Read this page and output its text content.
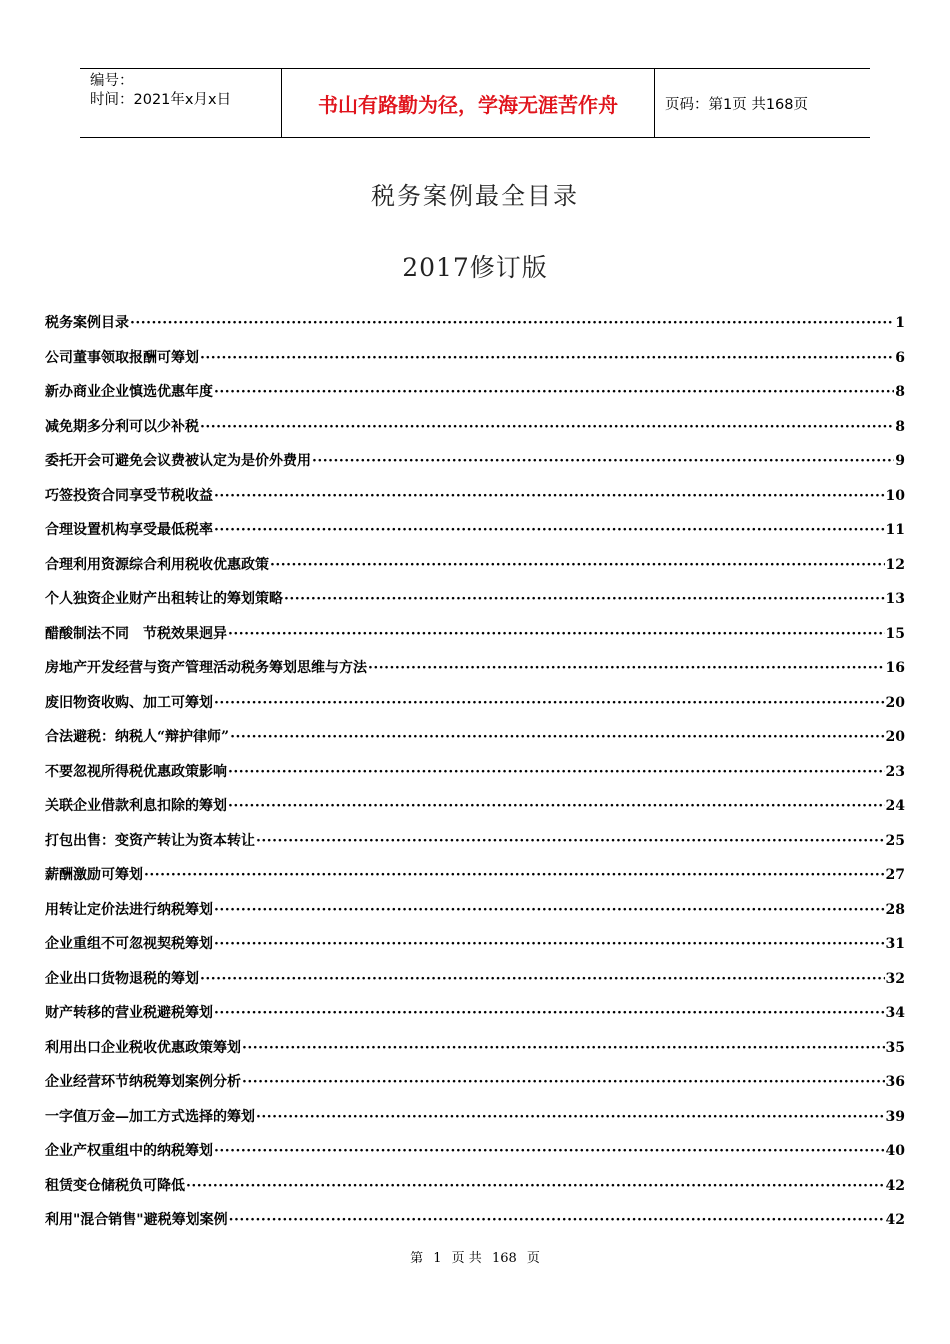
编号：
时间：2021年x月x日	书山有路勤为径，学海无涯苦作舟	页码：第1页 共168页
税务案例最全目录
2017修订版
税务案例目录 ·····	1
公司董事领取报酬可筹划 ·····	6
新办商业企业慎选优惠年度 ·····	8
减免期多分利可以少补税 ·····	8
委托开会可避免会议费被认定为是价外费用 ·····	9
巧签投资合同享受节税收益 ·····	10
合理设置机构享受最低税率 ·····	11
合理利用资源综合利用税收优惠政策 ·····	12
个人独资企业财产出租转让的筹划策略 ·····	13
醋酸制法不同　节税效果迥异 ·····	15
房地产开发经营与资产管理活动税务筹划思维与方法 ·····	16
废旧物资收购、加工可筹划 ·····	20
合法避税：纳税人“辩护律师” ·····	20
不要忽视所得税优惠政策影响 ·····	23
关联企业借款利息扣除的筹划 ·····	24
打包出售：变资产转让为资本转让 ·····	25
薪酬激励可筹划 ·····	27
用转让定价法进行纳税筹划 ·····	28
企业重组不可忽视契税筹划 ·····	31
企业出口货物退税的筹划 ·····	32
财产转移的营业税避税筹划 ·····	34
利用出口企业税收优惠政策筹划 ·····	35
企业经营环节纳税筹划案例分析 ·····	36
一字值万金—加工方式选择的筹划 ·····	39
企业产权重组中的纳税筹划 ·····	40
租赁变仓储税负可降低 ·····	42
利用"混合销售"避税筹划案例 ·····	42
第 1 页 共 168 页
